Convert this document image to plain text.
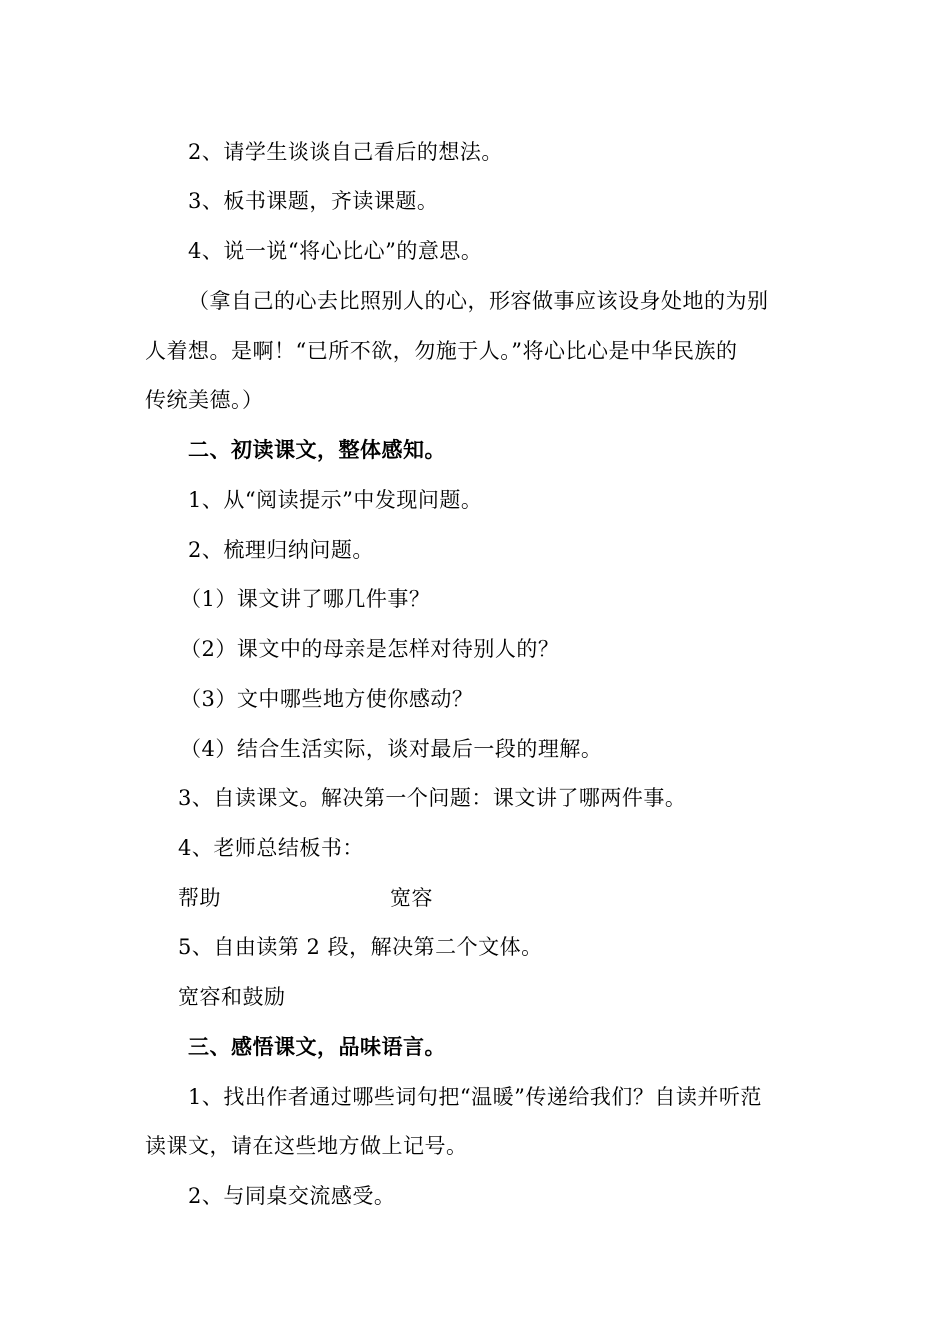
2、请学生谈谈自己看后的想法。
3、板书课题，齐读课题。
4、说一说“将心比心”的意思。
（拿自己的心去比照别人的心，形容做事应该设身处地的为别
人着想。是啊！“已所不欲，勿施于人。”将心比心是中华民族的
传统美德。）
二、初读课文，整体感知。
1、从“阅读提示”中发现问题。
2、梳理归纳问题。
（1）课文讲了哪几件事？
（2）课文中的母亲是怎样对待别人的？
（3）文中哪些地方使你感动？
（4）结合生活实际，谈对最后一段的理解。
3、自读课文。解决第一个问题：课文讲了哪两件事。
4、老师总结板书：
帮助	宽容
5、自由读第 2 段，解决第二个文体。
宽容和鼓励
三、感悟课文，品味语言。
1、找出作者通过哪些词句把“温暖”传递给我们？自读并听范
读课文，请在这些地方做上记号。
2、与同桌交流感受。
